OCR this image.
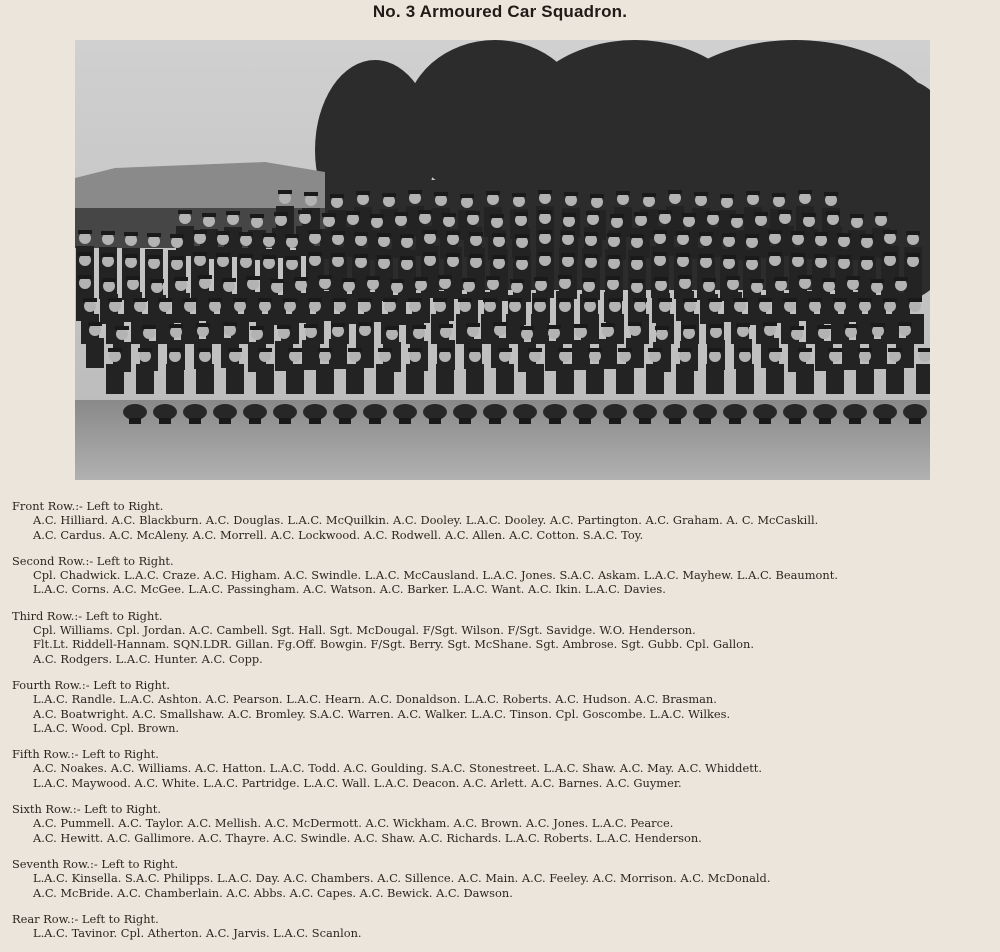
No. 3 Armoured Car Squadron.
Front Row.:- Left to Right.
A.C. Hilliard. A.C. Blackburn. A.C. Douglas. L.A.C. McQuilkin. A.C. Dooley. L.A.C. Dooley. A.C. Partington. A.C. Graham. A. C. McCaskill.
A.C. Cardus. A.C. McAleny. A.C. Morrell. A.C. Lockwood. A.C. Rodwell. A.C. Allen. A.C. Cotton. S.A.C. Toy.
Second Row.:- Left to Right.
Cpl. Chadwick. L.A.C. Craze. A.C. Higham. A.C. Swindle. L.A.C. McCausland. L.A.C. Jones. S.A.C. Askam. L.A.C. Mayhew. L.A.C. Beaumont.
L.A.C. Corns. A.C. McGee. L.A.C. Passingham. A.C. Watson. A.C. Barker. L.A.C. Want. A.C. Ikin. L.A.C. Davies.
Third Row.:- Left to Right.
Cpl. Williams. Cpl. Jordan. A.C. Cambell. Sgt. Hall. Sgt. McDougal. F/Sgt. Wilson. F/Sgt. Savidge. W.O. Henderson.
Flt.Lt. Riddell-Hannam. SQN.LDR. Gillan. Fg.Off. Bowgin. F/Sgt. Berry. Sgt. McShane. Sgt. Ambrose. Sgt. Gubb. Cpl. Gallon.
A.C. Rodgers. L.A.C. Hunter. A.C. Copp.
Fourth Row.:- Left to Right.
L.A.C. Randle. L.A.C. Ashton. A.C. Pearson. L.A.C. Hearn. A.C. Donaldson. L.A.C. Roberts. A.C. Hudson. A.C. Brasman.
A.C. Boatwright. A.C. Smallshaw. A.C. Bromley. S.A.C. Warren. A.C. Walker. L.A.C. Tinson. Cpl. Goscombe. L.A.C. Wilkes.
L.A.C. Wood. Cpl. Brown.
Fifth Row.:- Left to Right.
A.C. Noakes. A.C. Williams. A.C. Hatton. L.A.C. Todd. A.C. Goulding. S.A.C. Stonestreet. L.A.C. Shaw. A.C. May. A.C. Whiddett.
L.A.C. Maywood. A.C. White. L.A.C. Partridge. L.A.C. Wall. L.A.C. Deacon. A.C. Arlett. A.C. Barnes. A.C. Guymer.
Sixth Row.:- Left to Right.
A.C. Pummell. A.C. Taylor. A.C. Mellish. A.C. McDermott. A.C. Wickham. A.C. Brown. A.C. Jones. L.A.C. Pearce.
A.C. Hewitt. A.C. Gallimore. A.C. Thayre. A.C. Swindle. A.C. Shaw. A.C. Richards. L.A.C. Roberts. L.A.C. Henderson.
Seventh Row.:- Left to Right.
L.A.C. Kinsella. S.A.C. Philipps. L.A.C. Day. A.C. Chambers. A.C. Sillence. A.C. Main. A.C. Feeley. A.C. Morrison. A.C. McDonald.
A.C. McBride. A.C. Chamberlain. A.C. Abbs. A.C. Capes. A.C. Bewick. A.C. Dawson.
Rear Row.:- Left to Right.
L.A.C. Tavinor. Cpl. Atherton. A.C. Jarvis. L.A.C. Scanlon.
